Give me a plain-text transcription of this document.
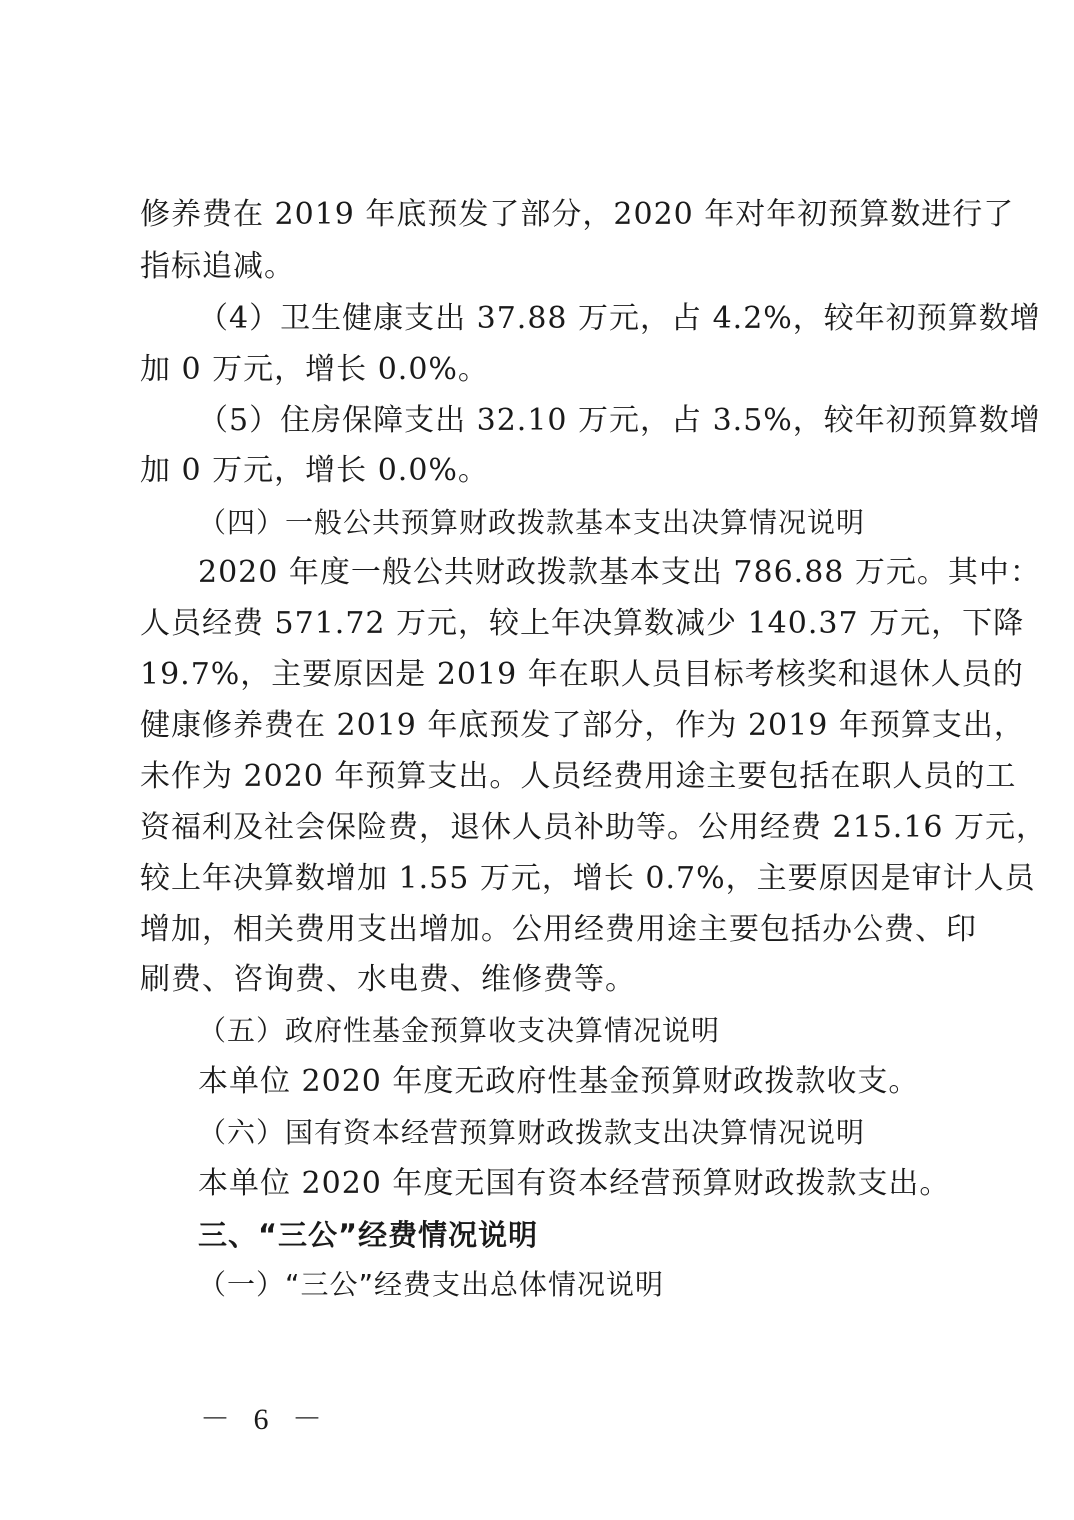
修养费在 2019 年底预发了部分，2020 年对年初预算数进行了
指标追减。
（4）卫生健康支出 37.88 万元，占 4.2%，较年初预算数增
加 0 万元，增长 0.0%。
（5）住房保障支出 32.10 万元，占 3.5%，较年初预算数增
加 0 万元，增长 0.0%。
（四）一般公共预算财政拨款基本支出决算情况说明
2020 年度一般公共财政拨款基本支出 786.88 万元。其中：
人员经费 571.72 万元，较上年决算数减少 140.37 万元，下降
19.7%，主要原因是 2019 年在职人员目标考核奖和退休人员的
健康修养费在 2019 年底预发了部分，作为 2019 年预算支出，
未作为 2020 年预算支出。人员经费用途主要包括在职人员的工
资福利及社会保险费，退休人员补助等。公用经费 215.16 万元，
较上年决算数增加 1.55 万元，增长 0.7%，主要原因是审计人员
增加，相关费用支出增加。公用经费用途主要包括办公费、印
刷费、咨询费、水电费、维修费等。
（五）政府性基金预算收支决算情况说明
本单位 2020 年度无政府性基金预算财政拨款收支。
（六）国有资本经营预算财政拨款支出决算情况说明
本单位 2020 年度无国有资本经营预算财政拨款支出。
三、“三公”经费情况说明
（一）“三公”经费支出总体情况说明
－ 6 －
